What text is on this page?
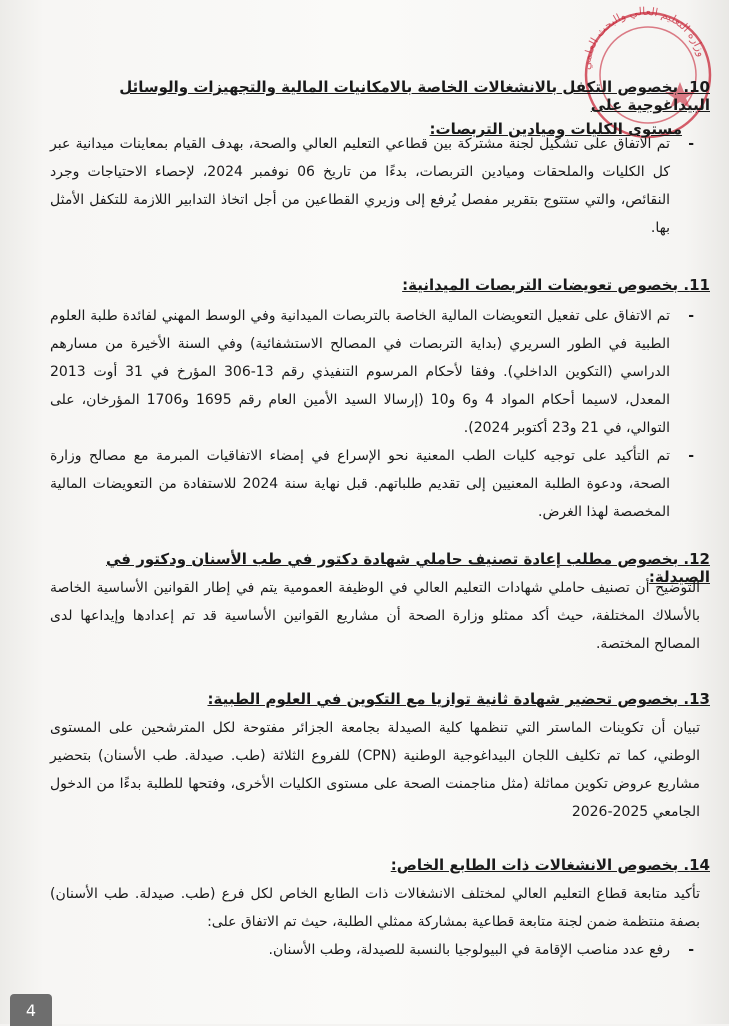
وزارة التعليم العالي والبحث العلمي
10. بخصوص التكفل بالانشغالات الخاصة بالامكانيات المالية والتجهيزات والوسائل البيداغوجية على
مستوى الكليات وميادين التربصات:

- تم الاتفاق على تشكيل لجنة مشتركة بين قطاعي التعليم العالي والصحة، بهدف القيام بمعاينات ميدانية عبر كل الكليات والملحقات وميادين التربصات، بدءًا من تاريخ 06 نوفمبر 2024، لإحصاء الاحتياجات وجرد النقائص، والتي ستتوج بتقرير مفصل يُرفع إلى وزيري القطاعين من أجل اتخاذ التدابير اللازمة للتكفل الأمثل بها.

11. بخصوص تعويضات التربصات الميدانية:

- تم الاتفاق على تفعيل التعويضات المالية الخاصة بالتربصات الميدانية وفي الوسط المهني لفائدة طلبة العلوم الطبية في الطور السريري (بداية التربصات في المصالح الاستشفائية) وفي السنة الأخيرة من مسارهم الدراسي (التكوين الداخلي). وفقا لأحكام المرسوم التنفيذي رقم 13-306 المؤرخ في 31 أوت 2013 المعدل، لاسيما أحكام المواد 4 و6 و10 (إرسالا السيد الأمين العام رقم 1695 و1706 المؤرخان، على التوالي، في 21 و23 أكتوبر 2024).

- تم التأكيد على توجيه كليات الطب المعنية نحو الإسراع في إمضاء الاتفاقيات المبرمة مع مصالح وزارة الصحة، ودعوة الطلبة المعنيين إلى تقديم طلباتهم. قبل نهاية سنة 2024 للاستفادة من التعويضات المالية المخصصة لهذا الغرض.

12. بخصوص مطلب إعادة تصنيف حاملي شهادة دكتور في طب الأسنان ودكتور في الصيدلة:

التوضيح أن تصنيف حاملي شهادات التعليم العالي في الوظيفة العمومية يتم في إطار القوانين الأساسية الخاصة بالأسلاك المختلفة، حيث أكد ممثلو وزارة الصحة أن مشاريع القوانين الأساسية قد تم إعدادها وإيداعها لدى المصالح المختصة.

13. بخصوص تحضير شهادة ثانية توازيا مع التكوين في العلوم الطبية:

تبيان أن تكوينات الماستر التي تنظمها كلية الصيدلة بجامعة الجزائر مفتوحة لكل المترشحين على المستوى الوطني، كما تم تكليف اللجان البيداغوجية الوطنية (CPN) للفروع الثلاثة (طب. صيدلة. طب الأسنان) بتحضير مشاريع عروض تكوين مماثلة (مثل مناجمنت الصحة على مستوى الكليات الأخرى، وفتحها للطلبة بدءًا من الدخول الجامعي 2025-2026

14. بخصوص الانشغالات ذات الطابع الخاص:

تأكيد متابعة قطاع التعليم العالي لمختلف الانشغالات ذات الطابع الخاص لكل فرع (طب. صيدلة. طب الأسنان) بصفة منتظمة ضمن لجنة متابعة قطاعية بمشاركة ممثلي الطلبة، حيث تم الاتفاق على:

- رفع عدد مناصب الإقامة في البيولوجيا بالنسبة للصيدلة، وطب الأسنان.

4
